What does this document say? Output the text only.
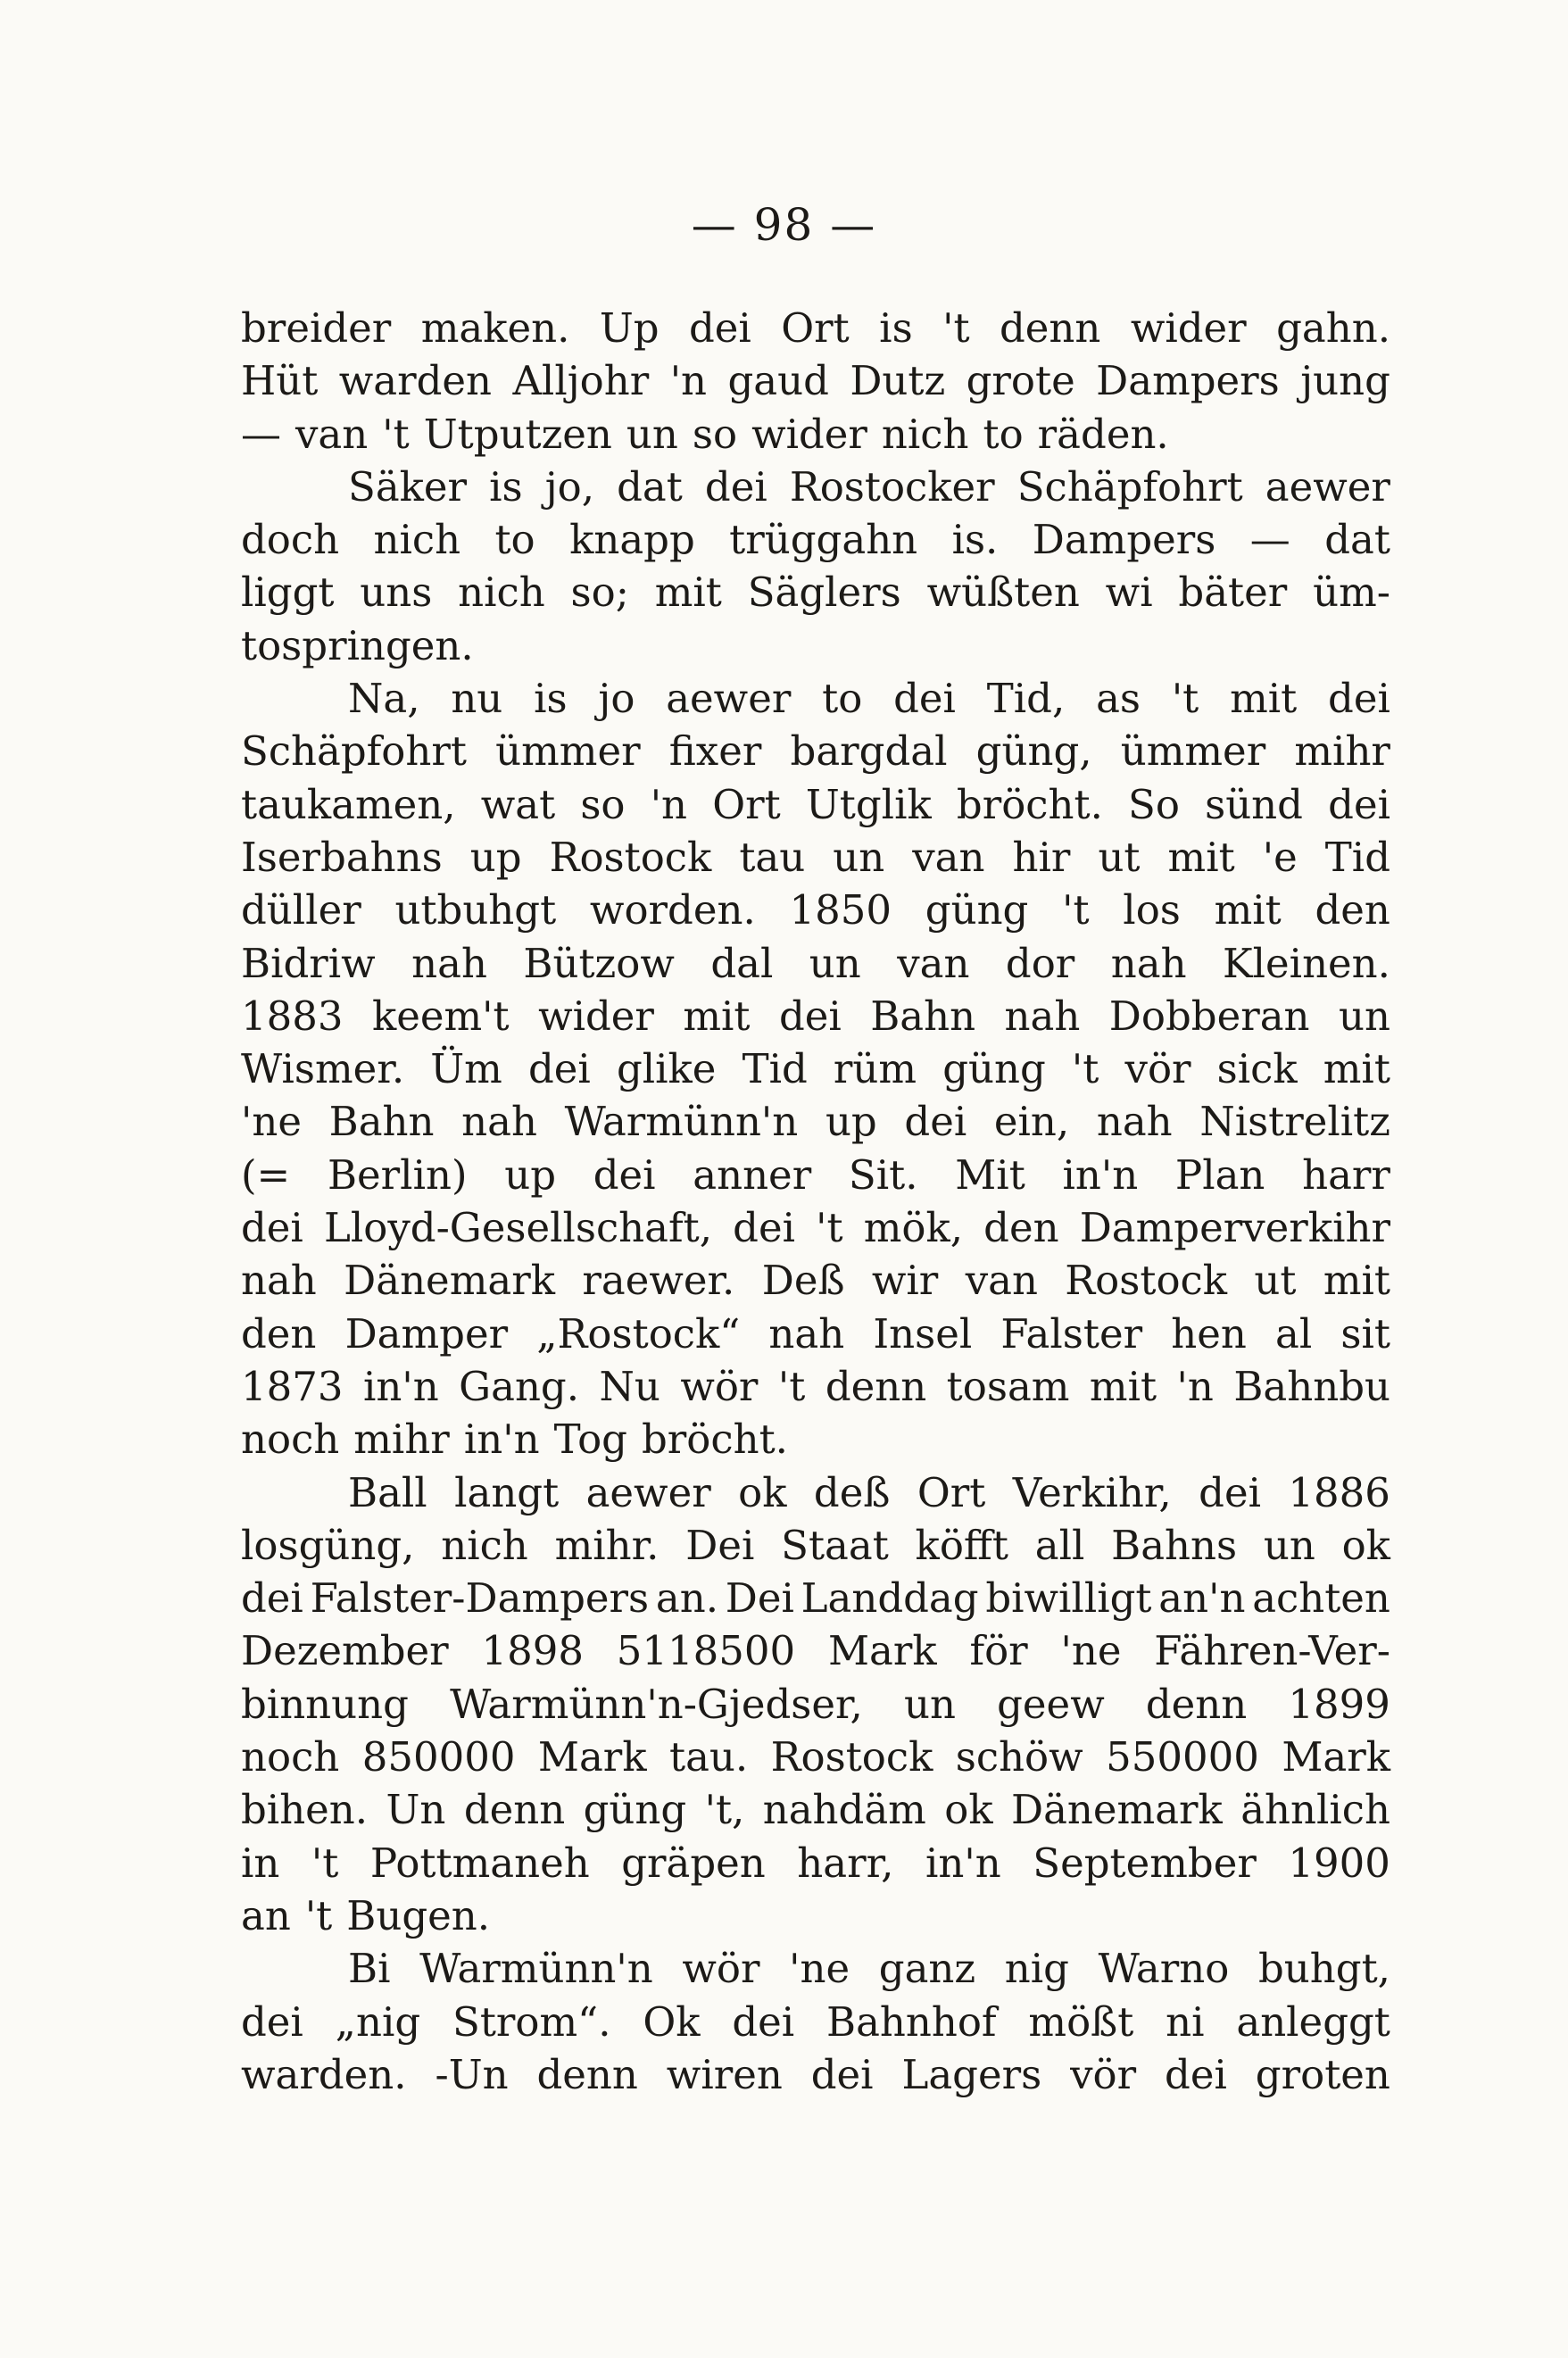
— 98 —
breider maken. Up dei Ort is 't denn wider gahn.
Hüt warden Alljohr 'n gaud Dutz grote Dampers jung
— van 't Utputzen un so wider nich to räden.
Säker is jo, dat dei Rostocker Schäpfohrt aewer
doch nich to knapp trüggahn is. Dampers — dat
liggt uns nich so; mit Säglers wüßten wi bäter üm-
tospringen.
Na, nu is jo aewer to dei Tid, as 't mit dei
Schäpfohrt ümmer fixer bargdal güng, ümmer mihr
taukamen, wat so 'n Ort Utglik bröcht. So sünd dei
Iserbahns up Rostock tau un van hir ut mit 'e Tid
düller utbuhgt worden. 1850 güng 't los mit den
Bidriw nah Bützow dal un van dor nah Kleinen.
1883 keem't wider mit dei Bahn nah Dobberan un
Wismer. Üm dei glike Tid rüm güng 't vör sick mit
'ne Bahn nah Warmünn'n up dei ein, nah Nistrelitz
(= Berlin) up dei anner Sit. Mit in'n Plan harr
dei Lloyd-Gesellschaft, dei 't mök, den Damperverkihr
nah Dänemark raewer. Deß wir van Rostock ut mit
den Damper „Rostock“ nah Insel Falster hen al sit
1873 in'n Gang. Nu wör 't denn tosam mit 'n Bahnbu
noch mihr in'n Tog bröcht.
Ball langt aewer ok deß Ort Verkihr, dei 1886
losgüng, nich mihr. Dei Staat köfft all Bahns un ok
dei Falster-Dampers an. Dei Landdag biwilligt an'n achten
Dezember 1898 5118500 Mark för 'ne Fähren-Ver-
binnung Warmünn'n-Gjedser, un geew denn 1899
noch 850000 Mark tau. Rostock schöw 550000 Mark
bihen. Un denn güng 't, nahdäm ok Dänemark ähnlich
in 't Pottmaneh gräpen harr, in'n September 1900
an 't Bugen.
Bi Warmünn'n wör 'ne ganz nig Warno buhgt,
dei „nig Strom“. Ok dei Bahnhof mößt ni anleggt
warden. -Un denn wiren dei Lagers vör dei groten
